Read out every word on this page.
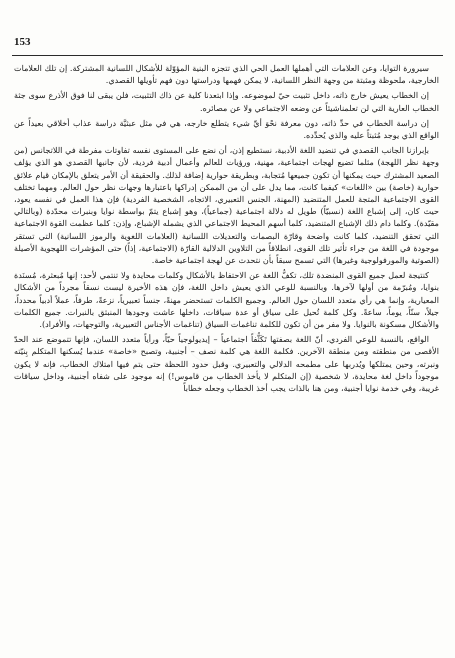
153

سيرورة التوايا، وعن العلامات التي أهملها العمل الحي الذي تتجزه البنية المؤوّلة للأشكال اللسانية المشتركة. إن تلك العلامات الخارجية، ملحوظة ومثبتة من وجهة النظر اللسانية، لا يمكن فهمها ودراستها دون فهم تأويلها القصدي.

إن الخطاب يعيش خارج ذاته، داخل تثبيت حيّ لموضوعه. وإذا ابتعدنا كلية عن ذاك التثبيت، فلن يبقى لنا فوق الأذرع سوى جثة الخطاب العارية التي لن تعلمناشيئاً عن وضعه الاجتماعي ولا عن مصائره.

إن دراسة الخطاب في حدِّ ذاته، دون معرفة نحْوَ أيِّ شيء يتطلع خارجه، هي في مثل عبثيَّة دراسة عذاب أخلاقي بعيداً عن الواقع الذي يوجد مُثبتاً عليه والذي يُحدِّده.

بإبرازنا الجانب القصدي في تنضيد اللغة الأدبية، نستطيع إذن، أن نضع على المستوى نفسه تفاوتات مفرطة في اللاتجانس (من وجهة نظر اللهجة) مثلما تضيع لهجات اجتماعية، مهنية، ورؤيات للعالم وأعمال أدبية فردية، لأن جانبها القصدي هو الذي يؤلف الصعيد المشترك حيث يمكنها أن تكون جميعها مُتجابة، وبطريقة حوارية إضافة لذلك. والحقيقة أن الأمر يتعلق بالإمكان قيام علائق حوارية (خاصة) بين «اللغات» كيفما كانت، مما يدل على أن من الممكن إدراكها باعتبارها وجهات نظر حول العالم. ومهما تختلف القوى الاجتماعية المتجة للعمل المتنضيد (المهنة، الجنس التعبيري، الاتجاه، الشخصية الفردية) فإن هذا العمل في نفسه يعود، حيث كان، إلى إشباع اللغة (نسبيّاً) طويل له دلالة اجتماعية (جماعياً)، وهو إشباع يتمّ بواسطة نوايا وبنبرات محدّدة (وبالتالي مقيّدة). وكلما دام ذلك الإشباع المتنضيد، كلما أسهم المحيط الاجتماعي الذي يشمله الإشباع، وإذن: كلما عظمت القوة الاجتماعية التي تحقق التنضيد، كلما كانت واضحة وقارّة البصمات والتعديلات اللسانية (العلامات اللغوية والرموز اللسانية) التي تستقر موجودة في اللغة من جراء تأثير تلك القوى، انطلاقاً من التلاوين الدلالية القارّة (الاجتماعية، إذاً) حتى المؤشرات اللهجوية الأصيلة (الصوتية والمورفولوجية وغيرها) التي تسمح سبقاً بأن نتحدث عن لهجة اجتماعية خاصة.

كنتيجة لعمل جميع القوى المنضدة تلك، تكفُّ اللغة عن الاحتفاظ بالأشكال وكلمات محايدة ولا تنتمي لأحد: إنها مُبعثرة، مُسنَدة بنوايا، ومُبرّمة من أولها لآخرها. وبالنسبة للوعي الذي يعيش داخل اللغة، فإن هذه الأخيرة ليست نسقاً مجرداً من الأشكال المعيارية، وإنما هي رأي متعدد اللسان حول العالم. وجميع الكلمات تستحضر مهنةً، جنساً تعبيرياً، نزعةً، طرفاً، عملاً أدبياً محدداً، جيلاً، سنّاً، يوماً، ساعةً. وكل كلمة تُحيل على سياق أو عدة سياقات، داخلها عاشت وجودها المنبثق بالنبرات. جميع الكلمات والأشكال مسكونة بالنوايا. ولا مفر من أن تكون للكلمة تناغمات السياق (تناغمات الأجناس التعبيرية، والتوجهات، والأفراد).

الواقع، بالنسبة للوعي الفردي، أنّ اللغة بصفتها تَكَثُّفاً اجتماعياً – إيديولوجياً حيّاً، ورأياً متعدد اللسان، فإنها تتموضع عند الحدّ الأقصى من منطقته ومن منطقة الآخرين. فكلمة اللغة هي كلمة نصف – أجنبية، وتصبح «خاصة» عندما يُسكنها المتكلم بِنيّته ونبرته، وحين يمتلكها ويُدربها على مطمحه الدلالي والتعبيري. وقبل حدود اللحظة حتى يتم فيها امتلاك الخطاب، فإنه لا يكون موجوداً داخل لغة محايدة، لا شخصية (إن المتكلم لا يأخذ الخطاب من قاموس!) إنه موجود على شفاه أجنبية، وداخل سياقات غريبة، وفي خدمة نوايا أجنبية، ومن هنا بالذات يجب أخذ الخطاب وجعله خطاباً
